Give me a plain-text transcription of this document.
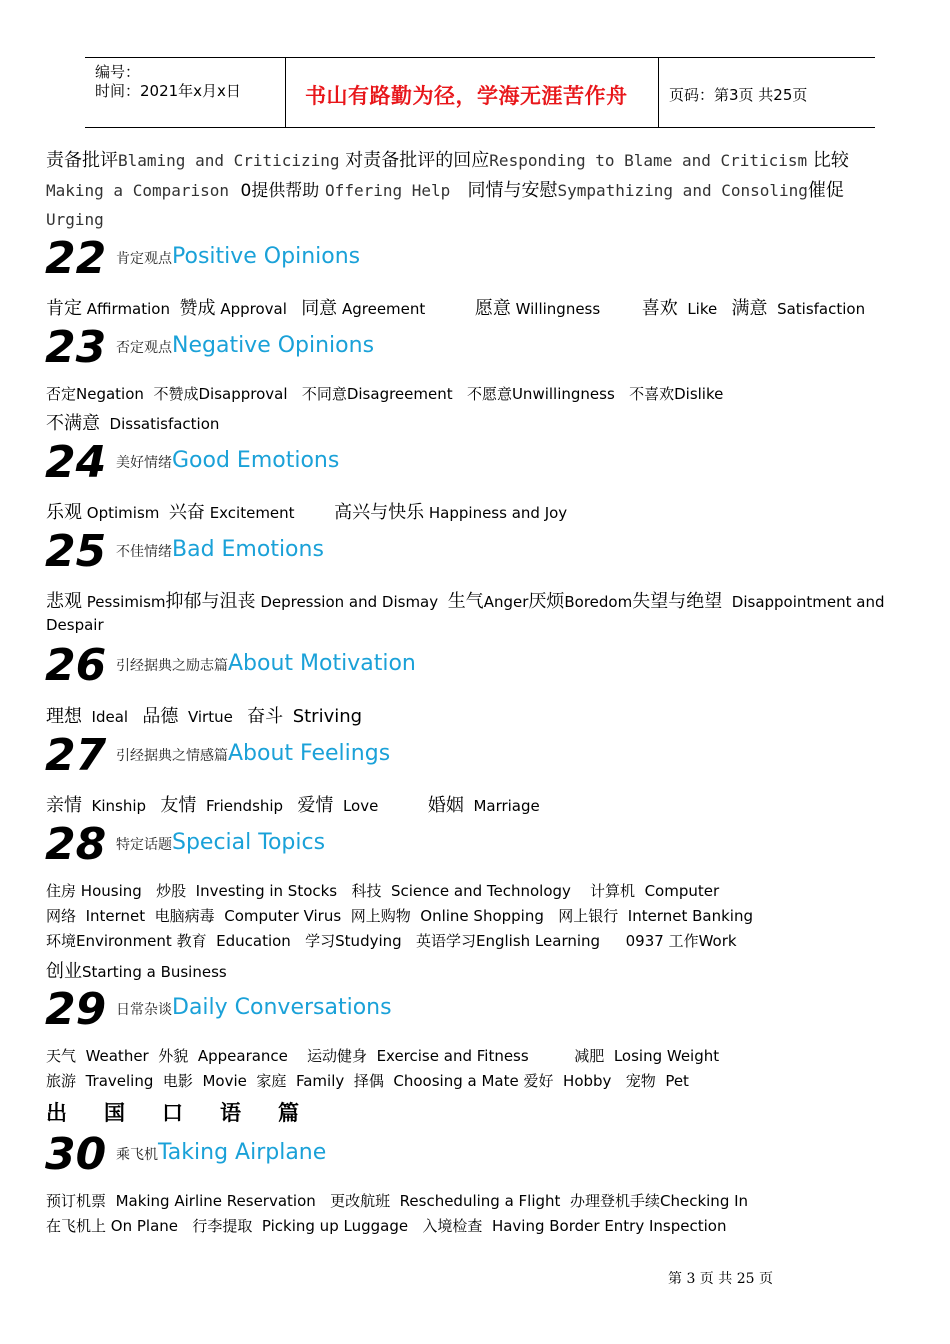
编号：
时间：2021年x月x日	书山有路勤为径，学海无涯苦作舟	页码：第3页 共25页
责备批评Blaming and Criticizing 对责备批评的回应Responding to Blame and Criticism 比较
Making a Comparison 0提供帮助 Offering Help 同情与安慰Sympathizing and Consoling催促
Urging
22 肯定观点Positive Opinions
肯定 Affirmation 赞成 Approval 同意 Agreement	愿意 Willingness 喜欢 Like 满意 Satisfaction
23 否定观点Negative Opinions
否定Negation 不赞成Disapproval 不同意Disagreement 不愿意Unwillingness 不喜欢Dislike
不满意 Dissatisfaction
24 美好情绪Good Emotions
乐观 Optimism 兴奋 Excitement 高兴与快乐 Happiness and Joy
25 不佳情绪Bad Emotions
悲观 Pessimism抑郁与沮丧 Depression and Dismay 生气Anger厌烦Boredom失望与绝望 Disappointment and
Despair
26 引经据典之励志篇About Motivation
理想 Ideal 品德 Virtue 奋斗 Striving
27 引经据典之情感篇About Feelings
亲情 Kinship 友情 Friendship 爱情 Love	婚姻 Marriage
28 特定话题Special Topics
住房 Housing 炒股 Investing in Stocks 科技 Science and Technology 计算机 Computer
网络 Internet 电脑病毒 Computer Virus 网上购物 Online Shopping 网上银行 Internet Banking
环境Environment 教育 Education 学习Studying 英语学习English Learning 0937 工作Work
创业Starting a Business
29 日常杂谈Daily Conversations
天气 Weather 外貌 Appearance 运动健身 Exercise and Fitness	减肥 Losing Weight
旅游 Traveling 电影 Movie 家庭 Family 择偶 Choosing a Mate 爱好 Hobby 宠物 Pet
出 国 口 语 篇
30 乘飞机Taking Airplane
预订机票 Making Airline Reservation 更改航班 Rescheduling a Flight 办理登机手续Checking In
在飞机上 On Plane 行李提取 Picking up Luggage 入境检查 Having Border Entry Inspection
第 3 页 共 25 页
